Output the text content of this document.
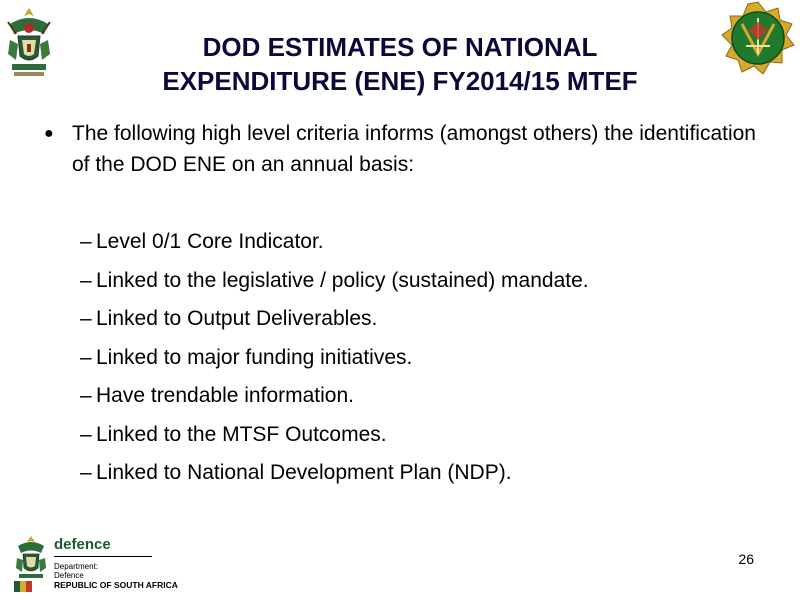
DOD ESTIMATES OF NATIONAL
EXPENDITURE (ENE) FY2014/15 MTEF
● The following high level criteria informs (amongst others) the identification of the DOD ENE on an annual basis:
– Level 0/1 Core Indicator.
– Linked to the legislative / policy (sustained) mandate.
– Linked to Output Deliverables.
– Linked to major funding initiatives.
– Have trendable information.
– Linked to the MTSF Outcomes.
– Linked to National Development Plan (NDP).
defence
Department:
Defence
REPUBLIC OF SOUTH AFRICA
26
